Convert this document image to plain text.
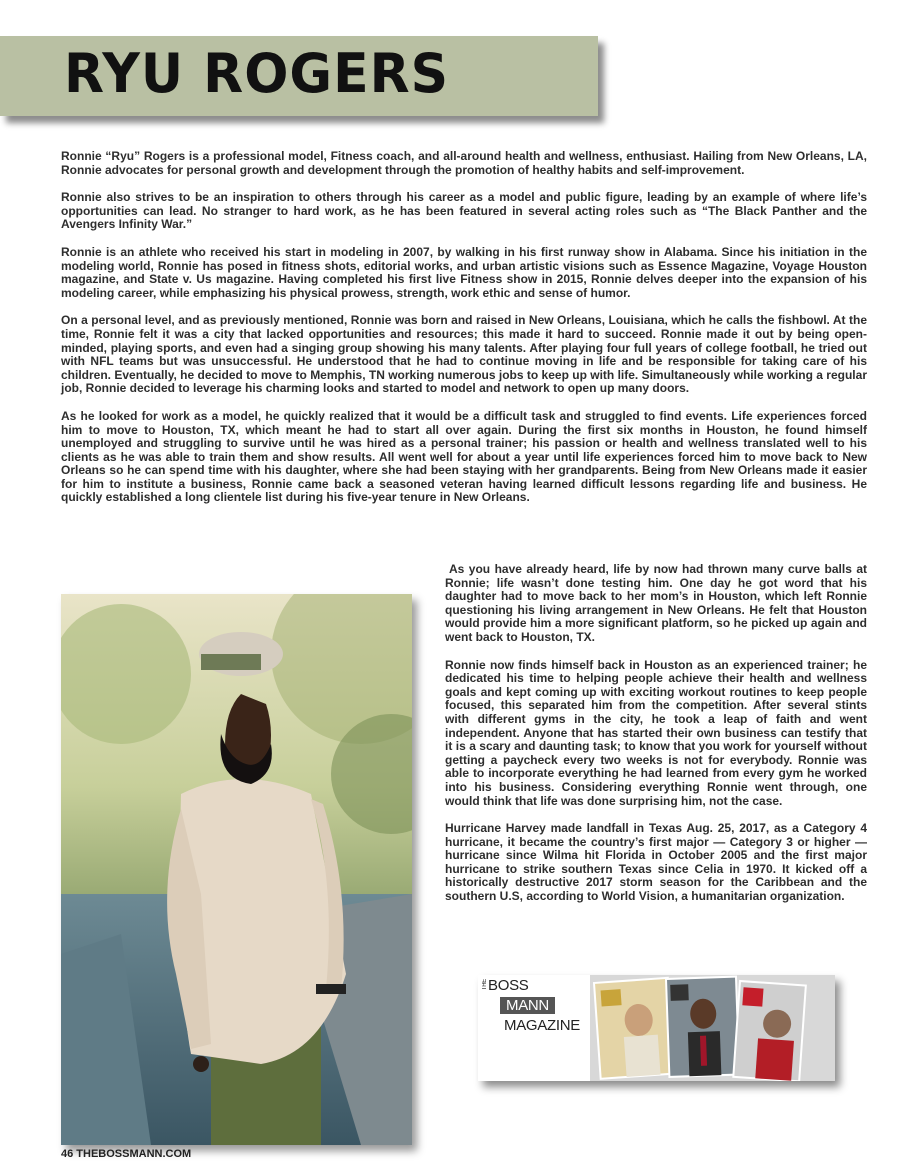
RYU ROGERS

Ronnie “Ryu” Rogers is a professional model, Fitness coach, and all-around health and wellness, enthusiast. Hailing from New Orleans, LA, Ronnie advocates for personal growth and development through the promotion of healthy habits and self-improvement.

Ronnie also strives to be an inspiration to others through his career as a model and public figure, leading by an example of where life’s opportunities can lead. No stranger to hard work, as he has been featured in several acting roles such as “The Black Panther and the Avengers Infinity War.”

Ronnie is an athlete who received his start in modeling in 2007, by walking in his first runway show in Alabama. Since his initiation in the modeling world, Ronnie has posed in fitness shots, editorial works, and urban artistic visions such as Essence Magazine, Voyage Houston magazine, and State v. Us magazine. Having completed his first live Fitness show in 2015, Ronnie delves deeper into the expansion of his modeling career, while emphasizing his physical prowess, strength, work ethic and sense of humor.

On a personal level, and as previously mentioned, Ronnie was born and raised in New Orleans, Louisiana, which he calls the fishbowl. At the time, Ronnie felt it was a city that lacked opportunities and resources; this made it hard to succeed. Ronnie made it out by being open-minded, playing sports, and even had a singing group showing his many talents. After playing four full years of college football, he tried out with NFL teams but was unsuccessful. He understood that he had to continue moving in life and be responsible for taking care of his children. Eventually, he decided to move to Memphis, TN working numerous jobs to keep up with life. Simultaneously while working a regular job, Ronnie decided to leverage his charming looks and started to model and network to open up many doors.

As he looked for work as a model, he quickly realized that it would be a difficult task and struggled to find events. Life experiences forced him to move to Houston, TX, which meant he had to start all over again. During the first six months in Houston, he found himself unemployed and struggling to survive until he was hired as a personal trainer; his passion or health and wellness translated well to his clients as he was able to train them and show results. All went well for about a year until life experiences forced him to move back to New Orleans so he can spend time with his daughter, where she had been staying with her grandparents. Being from New Orleans made it easier for him to institute a business, Ronnie came back a seasoned veteran having learned difficult lessons regarding life and business. He quickly established a long clientele list during his five-year tenure in New Orleans.

As you have already heard, life by now had thrown many curve balls at Ronnie; life wasn’t done testing him. One day he got word that his daughter had to move back to her mom’s in Houston, which left Ronnie questioning his living arrangement in New Orleans. He felt that Houston would provide him a more significant platform, so he picked up again and went back to Houston, TX.

Ronnie now finds himself back in Houston as an experienced trainer; he dedicated his time to helping people achieve their health and wellness goals and kept coming up with exciting workout routines to keep people focused, this separated him from the competition. After several stints with different gyms in the city, he took a leap of faith and went independent. Anyone that has started their own business can testify that it is a scary and daunting task; to know that you work for yourself without getting a paycheck every two weeks is not for everybody. Ronnie was able to incorporate everything he had learned from every gym he worked into his business. Considering everything Ronnie went through, one would think that life was done surprising him, not the case.

Hurricane Harvey made landfall in Texas Aug. 25, 2017, as a Category 4 hurricane, it became the country’s first major — Category 3 or higher — hurricane since Wilma hit Florida in October 2005 and the first major hurricane to strike southern Texas since Celia in 1970. It kicked off a historically destructive 2017 storm season for the Caribbean and the southern U.S, according to World Vision, a humanitarian organization.

THE BOSS
MANN
MAGAZINE
46 THEBOSSMANN.COM
